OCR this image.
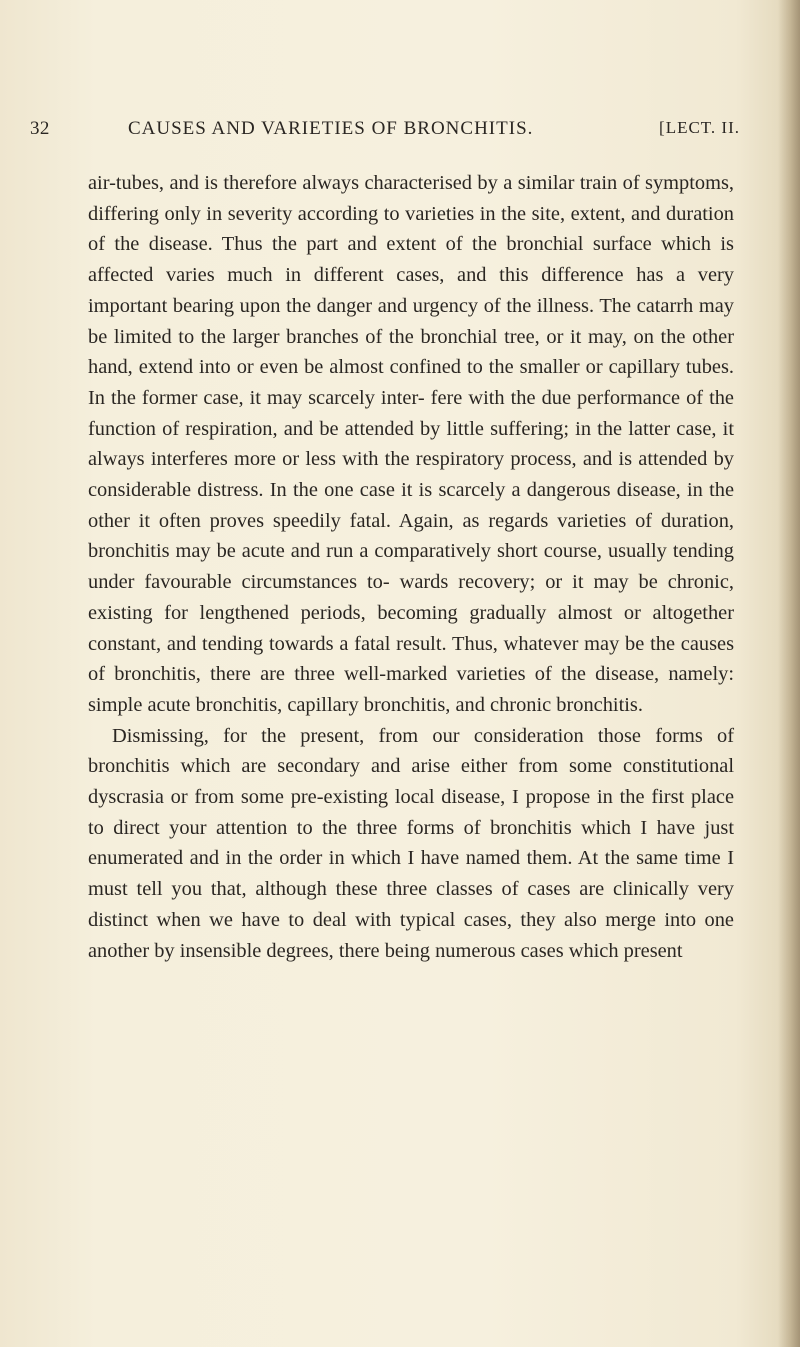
32	CAUSES AND VARIETIES OF BRONCHITIS.	[LECT. II.

air-tubes, and is therefore always characterised by a similar train of symptoms, differing only in severity according to varieties in the site, extent, and duration of the disease. Thus the part and extent of the bronchial surface which is affected varies much in different cases, and this difference has a very important bearing upon the danger and urgency of the illness. The catarrh may be limited to the larger branches of the bronchial tree, or it may, on the other hand, extend into or even be almost confined to the smaller or capillary tubes. In the former case, it may scarcely inter- fere with the due performance of the function of respiration, and be attended by little suffering; in the latter case, it always interferes more or less with the respiratory process, and is attended by considerable distress. In the one case it is scarcely a dangerous disease, in the other it often proves speedily fatal. Again, as regards varieties of duration, bronchitis may be acute and run a comparatively short course, usually tending under favourable circumstances to- wards recovery; or it may be chronic, existing for lengthened periods, becoming gradually almost or altogether constant, and tending towards a fatal result. Thus, whatever may be the causes of bronchitis, there are three well-marked varieties of the disease, namely: simple acute bronchitis, capillary bronchitis, and chronic bronchitis.

Dismissing, for the present, from our consideration those forms of bronchitis which are secondary and arise either from some constitutional dyscrasia or from some pre-existing local disease, I propose in the first place to direct your attention to the three forms of bronchitis which I have just enumerated and in the order in which I have named them. At the same time I must tell you that, although these three classes of cases are clinically very distinct when we have to deal with typical cases, they also merge into one another by insensible degrees, there being numerous cases which present
